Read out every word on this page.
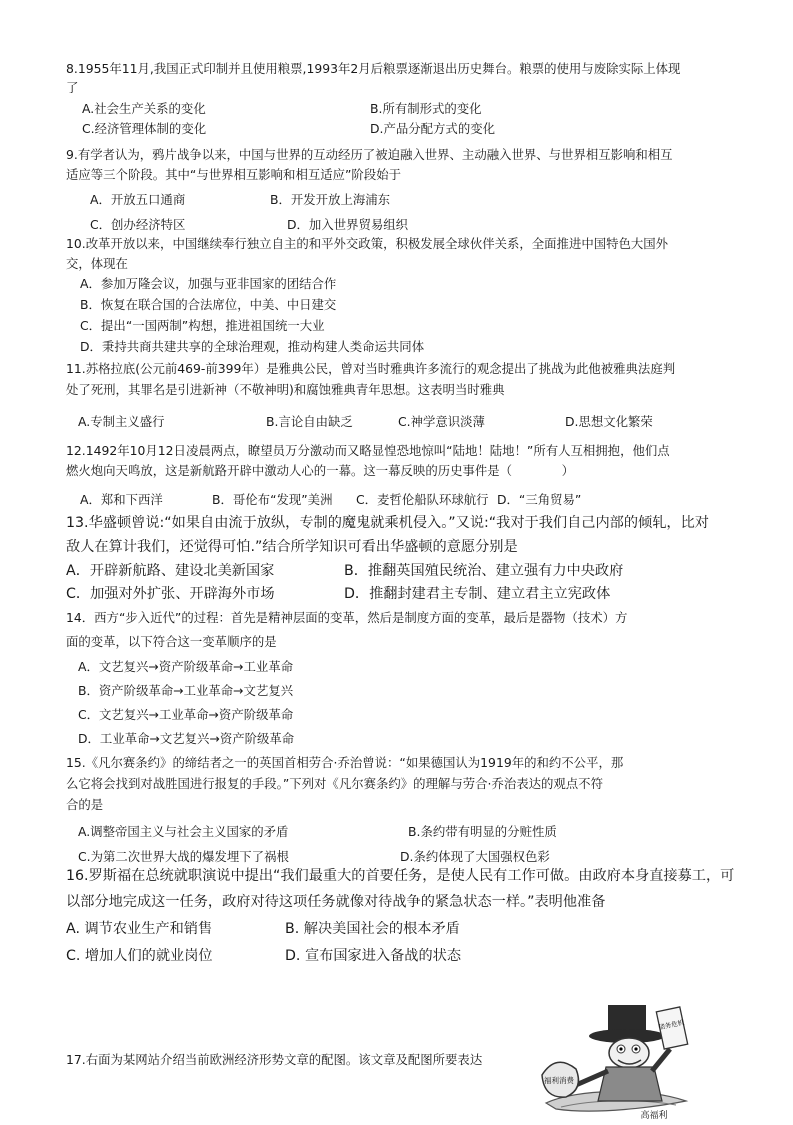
8.1955年11月,我国正式印制并且使用粮票,1993年2月后粮票逐渐退出历史舞台。粮票的使用与废除实际上体现
了
A.社会生产关系的变化	B.所有制形式的变化
C.经济管理体制的变化	D.产品分配方式的变化
9.有学者认为，鸦片战争以来，中国与世界的互动经历了被迫融入世界、主动融入世界、与世界相互影响和相互
适应等三个阶段。其中“与世界相互影响和相互适应”阶段始于
A．开放五口通商	B．开发开放上海浦东
C．创办经济特区	D．加入世界贸易组织
10.改革开放以来，中国继续奉行独立自主的和平外交政策，积极发展全球伙伴关系，全面推进中国特色大国外
交，体现在
A．参加万隆会议，加强与亚非国家的团结合作
B．恢复在联合国的合法席位，中美、中日建交
C．提出“一国两制”构想，推进祖国统一大业
D．秉持共商共建共享的全球治理观，推动构建人类命运共同体
11.苏格拉底(公元前469-前399年）是雅典公民，曾对当时雅典许多流行的观念提出了挑战为此他被雅典法庭判
处了死刑，其罪名是引进新神（不敬神明)和腐蚀雅典青年思想。这表明当时雅典
A.专制主义盛行	B.言论自由缺乏	C.神学意识淡薄	D.思想文化繁荣
12.1492年10月12日凌晨两点，瞭望员万分激动而又略显惶恐地惊叫“陆地！陆地！”所有人互相拥抱，他们点
燃火炮向天鸣放，这是新航路开辟中激动人心的一幕。这一幕反映的历史事件是（　　　　）
A．郑和下西洋	B．哥伦布“发现”美洲 C．麦哲伦船队环球航行 D．“三角贸易”
13.华盛顿曾说:“如果自由流于放纵，专制的魔鬼就乘机侵入。”又说:“我对于我们自己内部的倾轧，比对
敌人在算计我们，还觉得可怕.”结合所学知识可看出华盛顿的意愿分别是
A．开辟新航路、建设北美新国家	B．推翻英国殖民统治、建立强有力中央政府
C．加强对外扩张、开辟海外市场	D．推翻封建君主专制、建立君主立宪政体
14．西方“步入近代”的过程：首先是精神层面的变革，然后是制度方面的变革，最后是器物（技术）方
面的变革，以下符合这一变革顺序的是
A．文艺复兴→资产阶级革命→工业革命
B．资产阶级革命→工业革命→文艺复兴
C．文艺复兴→工业革命→资产阶级革命
D．工业革命→文艺复兴→资产阶级革命
15.《凡尔赛条约》的缔结者之一的英国首相劳合·乔治曾说：“如果德国认为1919年的和约不公平，那
么它将会找到对战胜国进行报复的手段。”下列对《凡尔赛条约》的理解与劳合·乔治表达的观点不符
合的是
A.调整帝国主义与社会主义国家的矛盾	B.条约带有明显的分赃性质
C.为第二次世界大战的爆发埋下了祸根	D.条约体现了大国强权色彩
16.罗斯福在总统就职演说中提出“我们最重大的首要任务，是使人民有工作可做。由政府本身直接募工，可
以部分地完成这一任务，政府对待这项任务就像对待战争的紧急状态一样。”表明他准备
A. 调节农业生产和销售	B. 解决美国社会的根本矛盾
C. 增加人们的就业岗位	D. 宣布国家进入备战的状态
17.右面为某网站介绍当前欧洲经济形势文章的配图。该文章及配图所要表达
福利消费
债务危机
高福利
